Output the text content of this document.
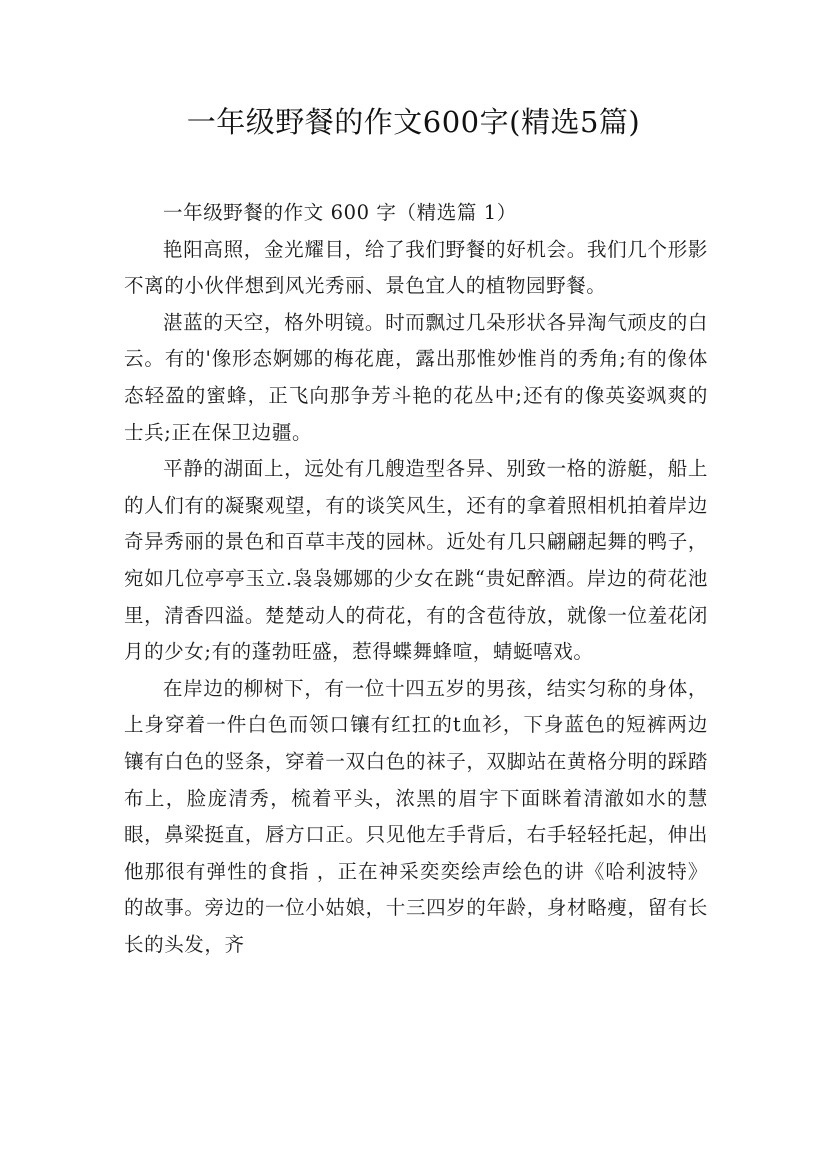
一年级野餐的作文600字(精选5篇)

一年级野餐的作文 600 字（精选篇 1）

艳阳高照，金光耀目，给了我们野餐的好机会。我们几个形影不离的小伙伴想到风光秀丽、景色宜人的植物园野餐。

湛蓝的天空，格外明镜。时而飘过几朵形状各异淘气顽皮的白云。有的'像形态婀娜的梅花鹿，露出那惟妙惟肖的秀角;有的像体态轻盈的蜜蜂，正飞向那争芳斗艳的花丛中;还有的像英姿飒爽的士兵;正在保卫边疆。

平静的湖面上，远处有几艘造型各异、别致一格的游艇，船上的人们有的凝聚观望，有的谈笑风生，还有的拿着照相机拍着岸边奇异秀丽的景色和百草丰茂的园林。近处有几只翩翩起舞的鸭子，宛如几位亭亭玉立.袅袅娜娜的少女在跳“贵妃醉酒。岸边的荷花池里，清香四溢。楚楚动人的荷花，有的含苞待放，就像一位羞花闭月的少女;有的蓬勃旺盛，惹得蝶舞蜂喧，蜻蜓嘻戏。

在岸边的柳树下，有一位十四五岁的男孩，结实匀称的身体，上身穿着一件白色而领口镶有红扛的t血衫，下身蓝色的短裤两边镶有白色的竖条，穿着一双白色的袜子，双脚站在黄格分明的踩踏布上，脸庞清秀，梳着平头，浓黑的眉宇下面眯着清澈如水的慧眼，鼻梁挺直，唇方口正。只见他左手背后，右手轻轻托起，伸出他那很有弹性的食指 ，正在神采奕奕绘声绘色的讲《哈利波特》的故事。旁边的一位小姑娘，十三四岁的年龄，身材略瘦，留有长长的头发，齐
